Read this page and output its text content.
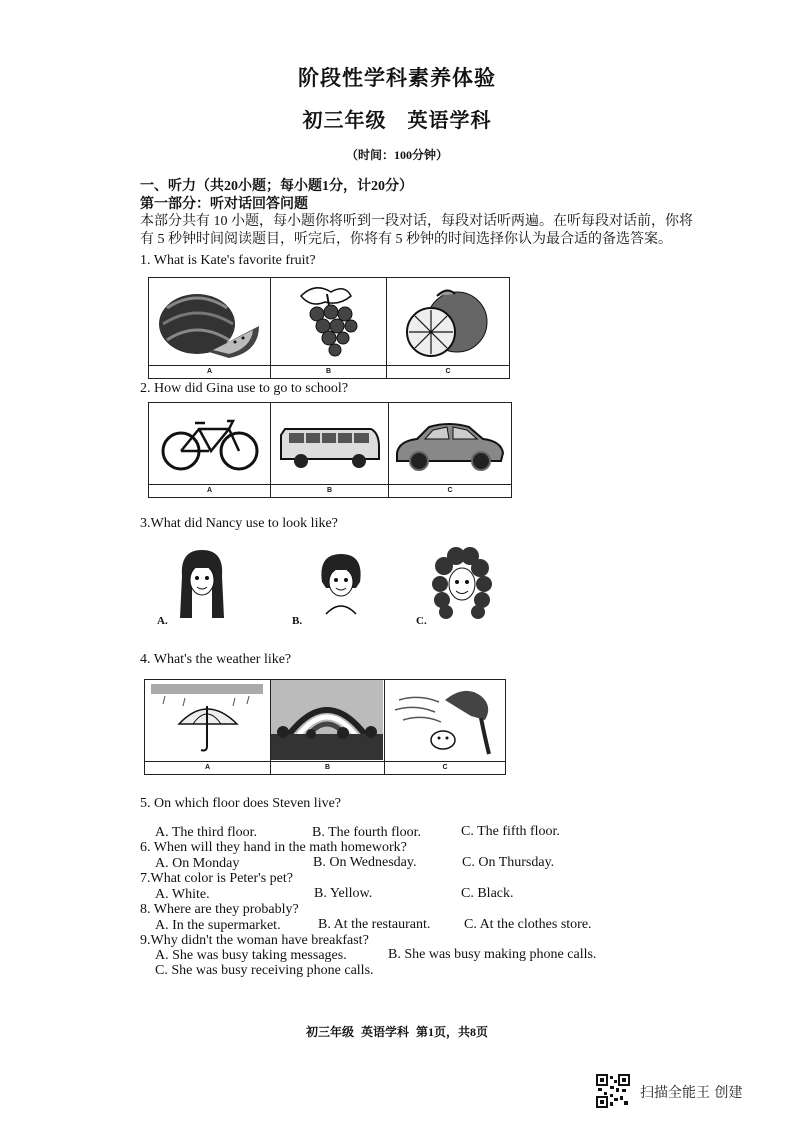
阶段性学科素养体验
初三年级　英语学科
（时间：100分钟）
一、听力（共20小题；每小题1分，计20分）
第一部分：听对话回答问题
本部分共有 10 小题，每小题你将听到一段对话，每段对话听两遍。在听每段对话前，你将
有 5 秒钟时间阅读题目，听完后，你将有 5 秒钟的时间选择你认为最合适的备选答案。
1. What is Kate's favorite fruit?
A	B	C
2. How did Gina use to go to school?
A	B	C
3.What did Nancy use to look like?
A.	B.	C.
4. What's the weather like?
A	B	C
5. On which floor does Steven live?
A. The third floor.	B. The fourth floor.	C. The fifth floor.
6. When will they hand in the math homework?
A. On Monday	B. On Wednesday.	C. On Thursday.
7.What color is Peter's pet?
A. White.	B. Yellow.	C. Black.
8. Where are they probably?
A. In the supermarket.	B. At the restaurant. C. At the clothes store.
9.Why didn't the woman have breakfast?
A. She was busy taking messages.	B. She was busy making phone calls.
C. She was busy receiving phone calls.
初三年级 英语学科 第1页，共8页
扫描全能王 创建
